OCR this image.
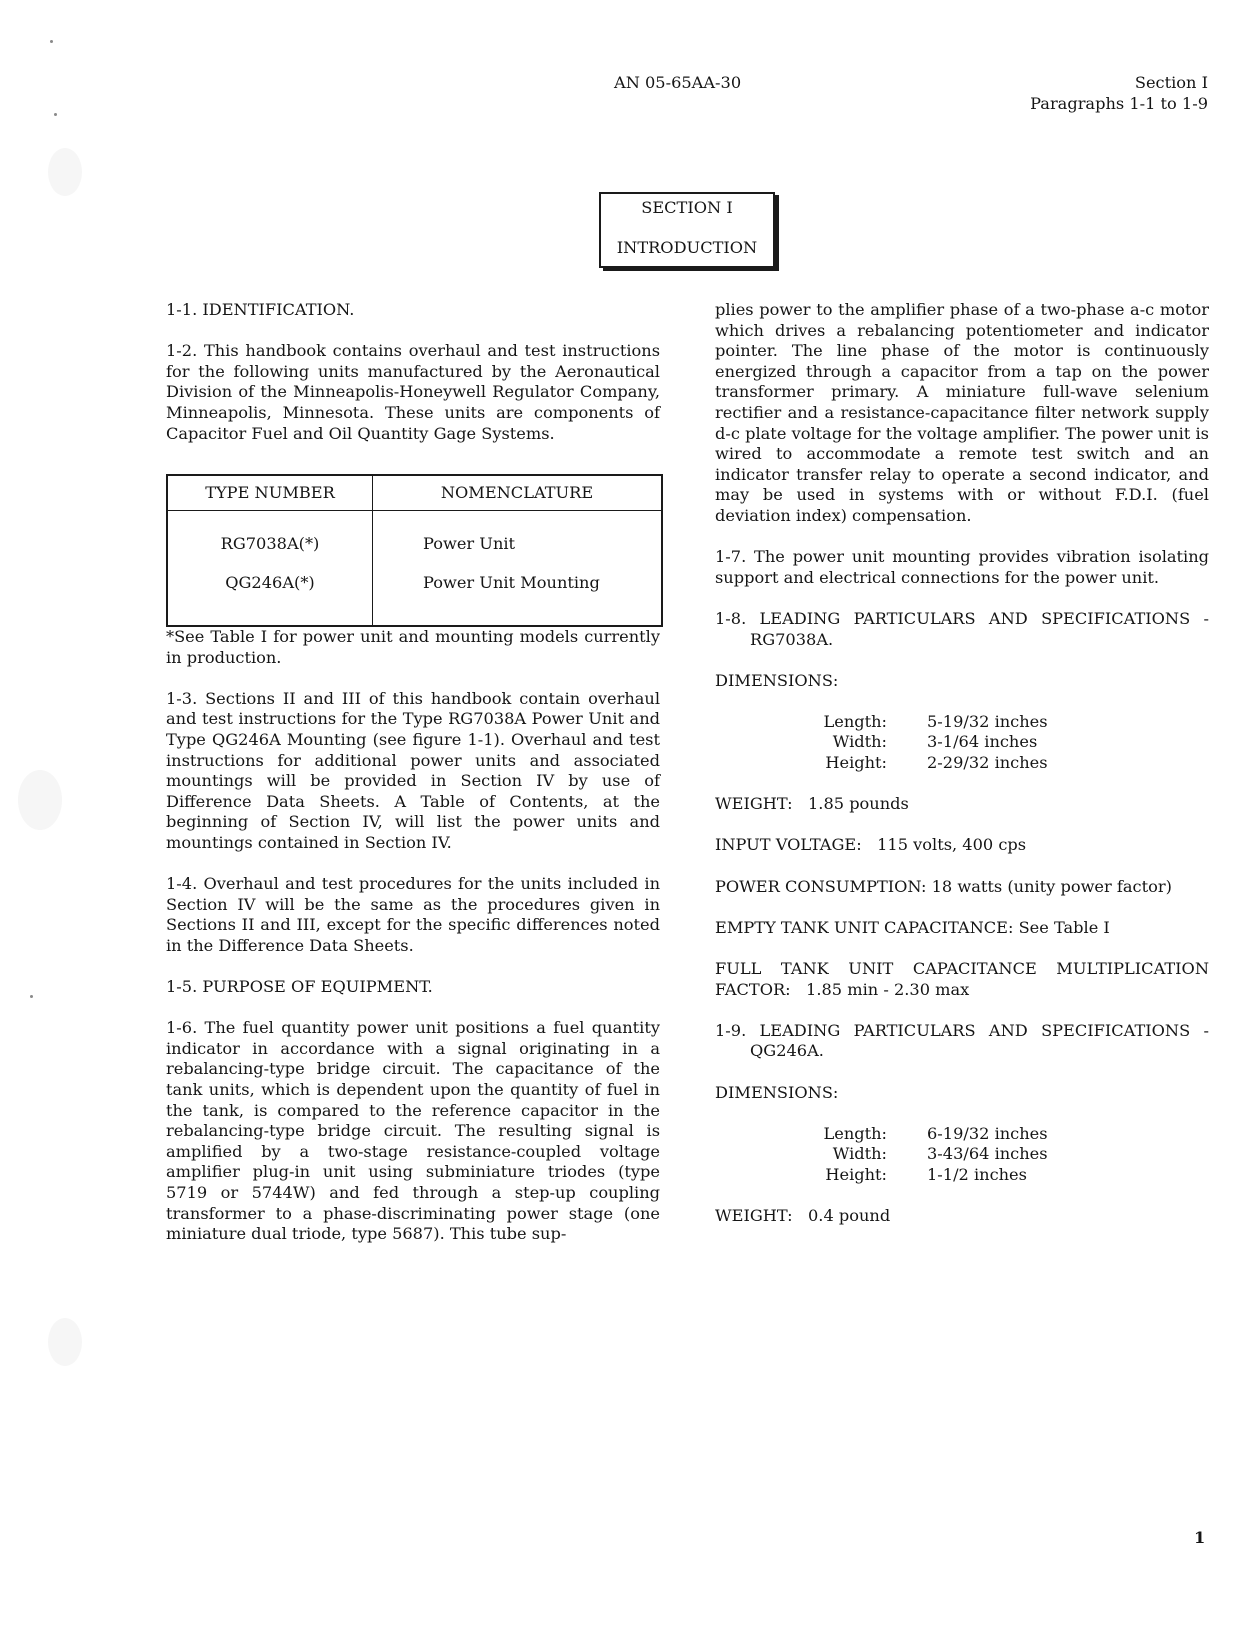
AN 05-65AA-30	Section I
Paragraphs 1-1 to 1-9
SECTION I
INTRODUCTION

1-1. IDENTIFICATION.

1-2. This handbook contains overhaul and test instructions for the following units manufactured by the Aeronautical Division of the Minneapolis-Honeywell Regulator Company, Minneapolis, Minnesota. These units are components of Capacitor Fuel and Oil Quantity Gage Systems.

TYPE NUMBER	NOMENCLATURE
RG7038A(*)	Power Unit
QG246A(*)	Power Unit Mounting

*See Table I for power unit and mounting models currently in production.

1-3. Sections II and III of this handbook contain overhaul and test instructions for the Type RG7038A Power Unit and Type QG246A Mounting (see figure 1-1). Overhaul and test instructions for additional power units and associated mountings will be provided in Section IV by use of Difference Data Sheets. A Table of Contents, at the beginning of Section IV, will list the power units and mountings contained in Section IV.

1-4. Overhaul and test procedures for the units included in Section IV will be the same as the procedures given in Sections II and III, except for the specific differences noted in the Difference Data Sheets.

1-5. PURPOSE OF EQUIPMENT.

1-6. The fuel quantity power unit positions a fuel quantity indicator in accordance with a signal originating in a rebalancing-type bridge circuit. The capacitance of the tank units, which is dependent upon the quantity of fuel in the tank, is compared to the reference capacitor in the rebalancing-type bridge circuit. The resulting signal is amplified by a two-stage resistance-coupled voltage amplifier plug-in unit using subminiature triodes (type 5719 or 5744W) and fed through a step-up coupling transformer to a phase-discriminating power stage (one miniature dual triode, type 5687). This tube sup-

plies power to the amplifier phase of a two-phase a-c motor which drives a rebalancing potentiometer and indicator pointer. The line phase of the motor is continuously energized through a capacitor from a tap on the power transformer primary. A miniature full-wave selenium rectifier and a resistance-capacitance filter network supply d-c plate voltage for the voltage amplifier. The power unit is wired to accommodate a remote test switch and an indicator transfer relay to operate a second indicator, and may be used in systems with or without F.D.I. (fuel deviation index) compensation.

1-7. The power unit mounting provides vibration isolating support and electrical connections for the power unit.

1-8. LEADING PARTICULARS AND SPECIFICATIONS - RG7038A.

DIMENSIONS:

Length: 5-19/32 inches
Width: 3-1/64 inches
Height: 2-29/32 inches

WEIGHT:   1.85 pounds

INPUT VOLTAGE:   115 volts, 400 cps

POWER CONSUMPTION: 18 watts (unity power factor)

EMPTY TANK UNIT CAPACITANCE: See Table I

FULL TANK UNIT CAPACITANCE MULTIPLICATION FACTOR:   1.85 min - 2.30 max

1-9. LEADING PARTICULARS AND SPECIFICATIONS - QG246A.

DIMENSIONS:

Length: 6-19/32 inches
Width: 3-43/64 inches
Height: 1-1/2 inches

WEIGHT:   0.4 pound

1
